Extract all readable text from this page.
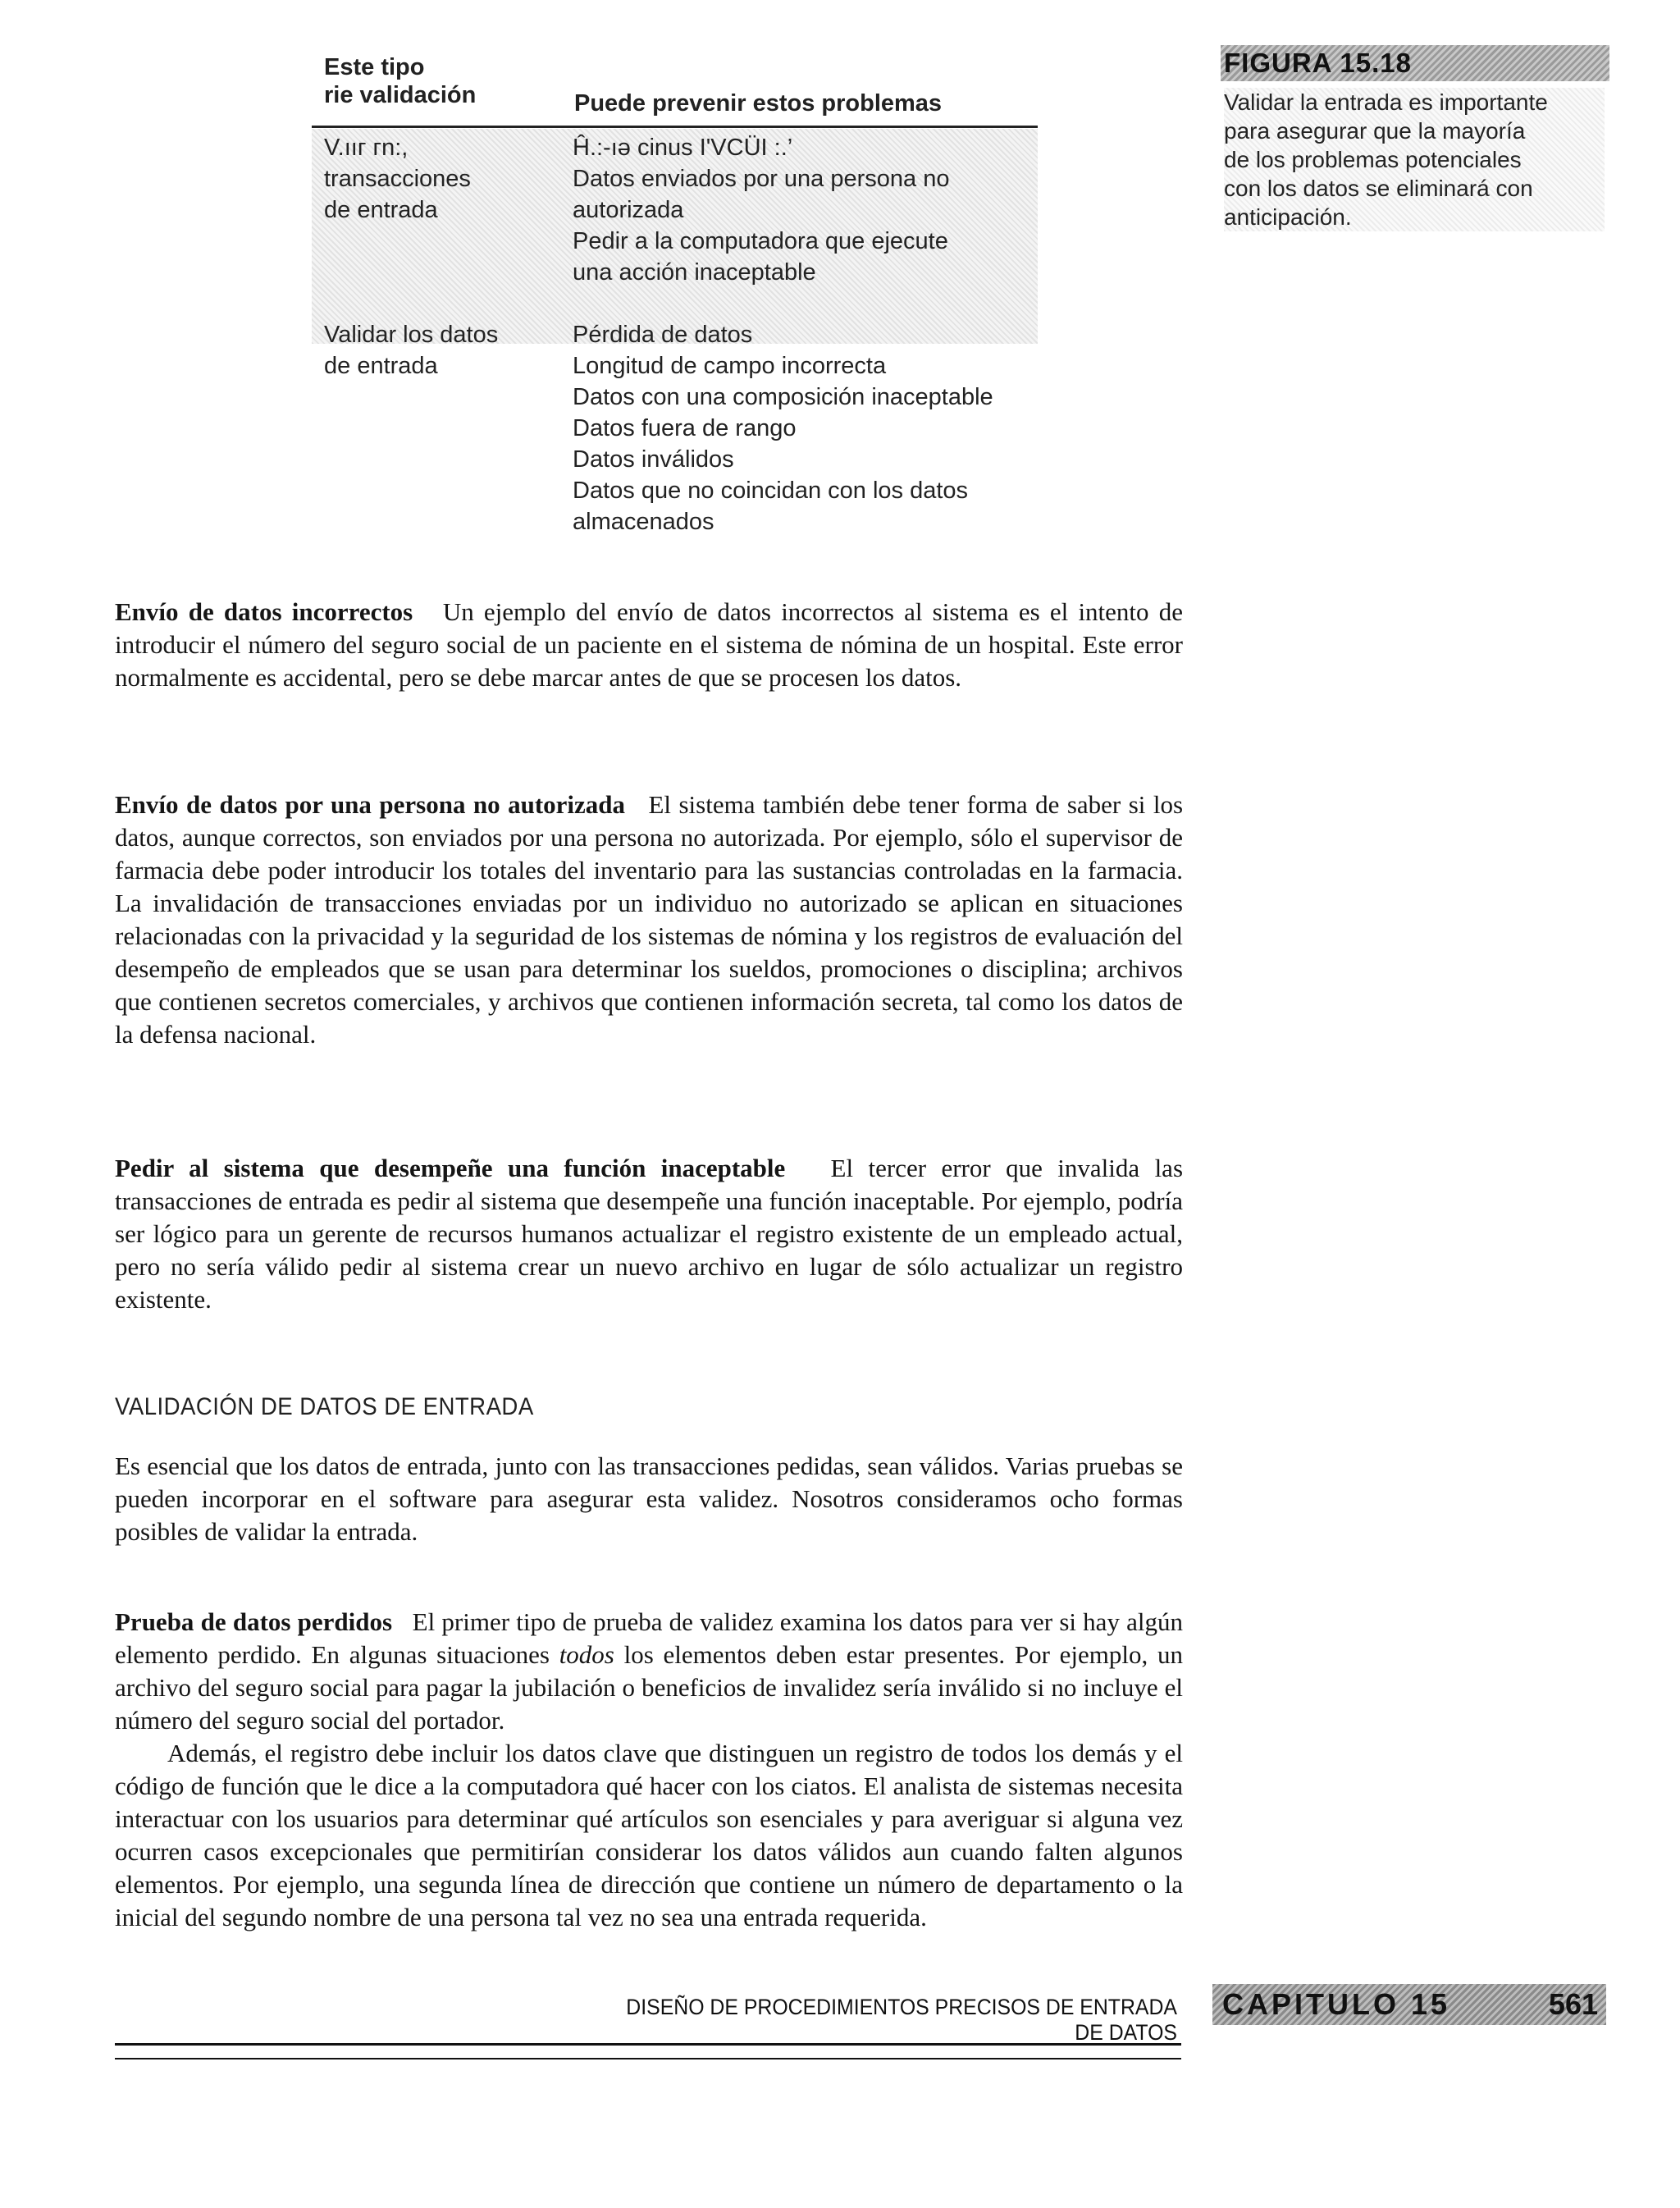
Este tipo
rie validación	Puede prevenir estos problemas
V.ııг гn:,
transacciones
de entrada
Ĥ.:-ıə cinus I'VCÜI :.’
Datos enviados por una persona no
autorizada
Pedir a la computadora que ejecute
una acción inaceptable
Validar los datos
de entrada
Pérdida de datos
Longitud de campo incorrecta
Datos con una composición inaceptable
Datos fuera de rango
Datos inválidos
Datos que no coincidan con los datos
almacenados
FIGURA 15.18
Validar la entrada es importante
para asegurar que la mayoría
de los problemas potenciales
con los datos se eliminará con
anticipación.

Envío de datos incorrectos Un ejemplo del envío de datos incorrectos al sistema es el intento de introducir el número del seguro social de un paciente en el sistema de nómina de un hospital. Este error normalmente es accidental, pero se debe marcar antes de que se procesen los datos.

Envío de datos por una persona no autorizada El sistema también debe tener forma de saber si los datos, aunque correctos, son enviados por una persona no autorizada. Por ejemplo, sólo el supervisor de farmacia debe poder introducir los totales del inventario para las sustancias controladas en la farmacia. La invalidación de transacciones enviadas por un individuo no autorizado se aplican en situaciones relacionadas con la privacidad y la seguridad de los sistemas de nómina y los registros de evaluación del desempeño de empleados que se usan para determinar los sueldos, promociones o disciplina; archivos que contienen secretos comerciales, y archivos que contienen información secreta, tal como los datos de la defensa nacional.

Pedir al sistema que desempeñe una función inaceptable El tercer error que invalida las transacciones de entrada es pedir al sistema que desempeñe una función inaceptable. Por ejemplo, podría ser lógico para un gerente de recursos humanos actualizar el registro existente de un empleado actual, pero no sería válido pedir al sistema crear un nuevo archivo en lugar de sólo actualizar un registro existente.

VALIDACIÓN DE DATOS DE ENTRADA

Es esencial que los datos de entrada, junto con las transacciones pedidas, sean válidos. Varias pruebas se pueden incorporar en el software para asegurar esta validez. Nosotros consideramos ocho formas posibles de validar la entrada.

Prueba de datos perdidos El primer tipo de prueba de validez examina los datos para ver si hay algún elemento perdido. En algunas situaciones todos los elementos deben estar presentes. Por ejemplo, un archivo del seguro social para pagar la jubilación o beneficios de invalidez sería inválido si no incluye el número del seguro social del portador.

Además, el registro debe incluir los datos clave que distinguen un registro de todos los demás y el código de función que le dice a la computadora qué hacer con los ciatos. El analista de sistemas necesita interactuar con los usuarios para determinar qué artículos son esenciales y para averiguar si alguna vez ocurren casos excepcionales que permitirían considerar los datos válidos aun cuando falten algunos elementos. Por ejemplo, una segunda línea de dirección que contiene un número de departamento o la inicial del segundo nombre de una persona tal vez no sea una entrada requerida.

DISEÑO DE PROCEDIMIENTOS PRECISOS DE ENTRADA DE DATOS
CAPITULO 15	561
